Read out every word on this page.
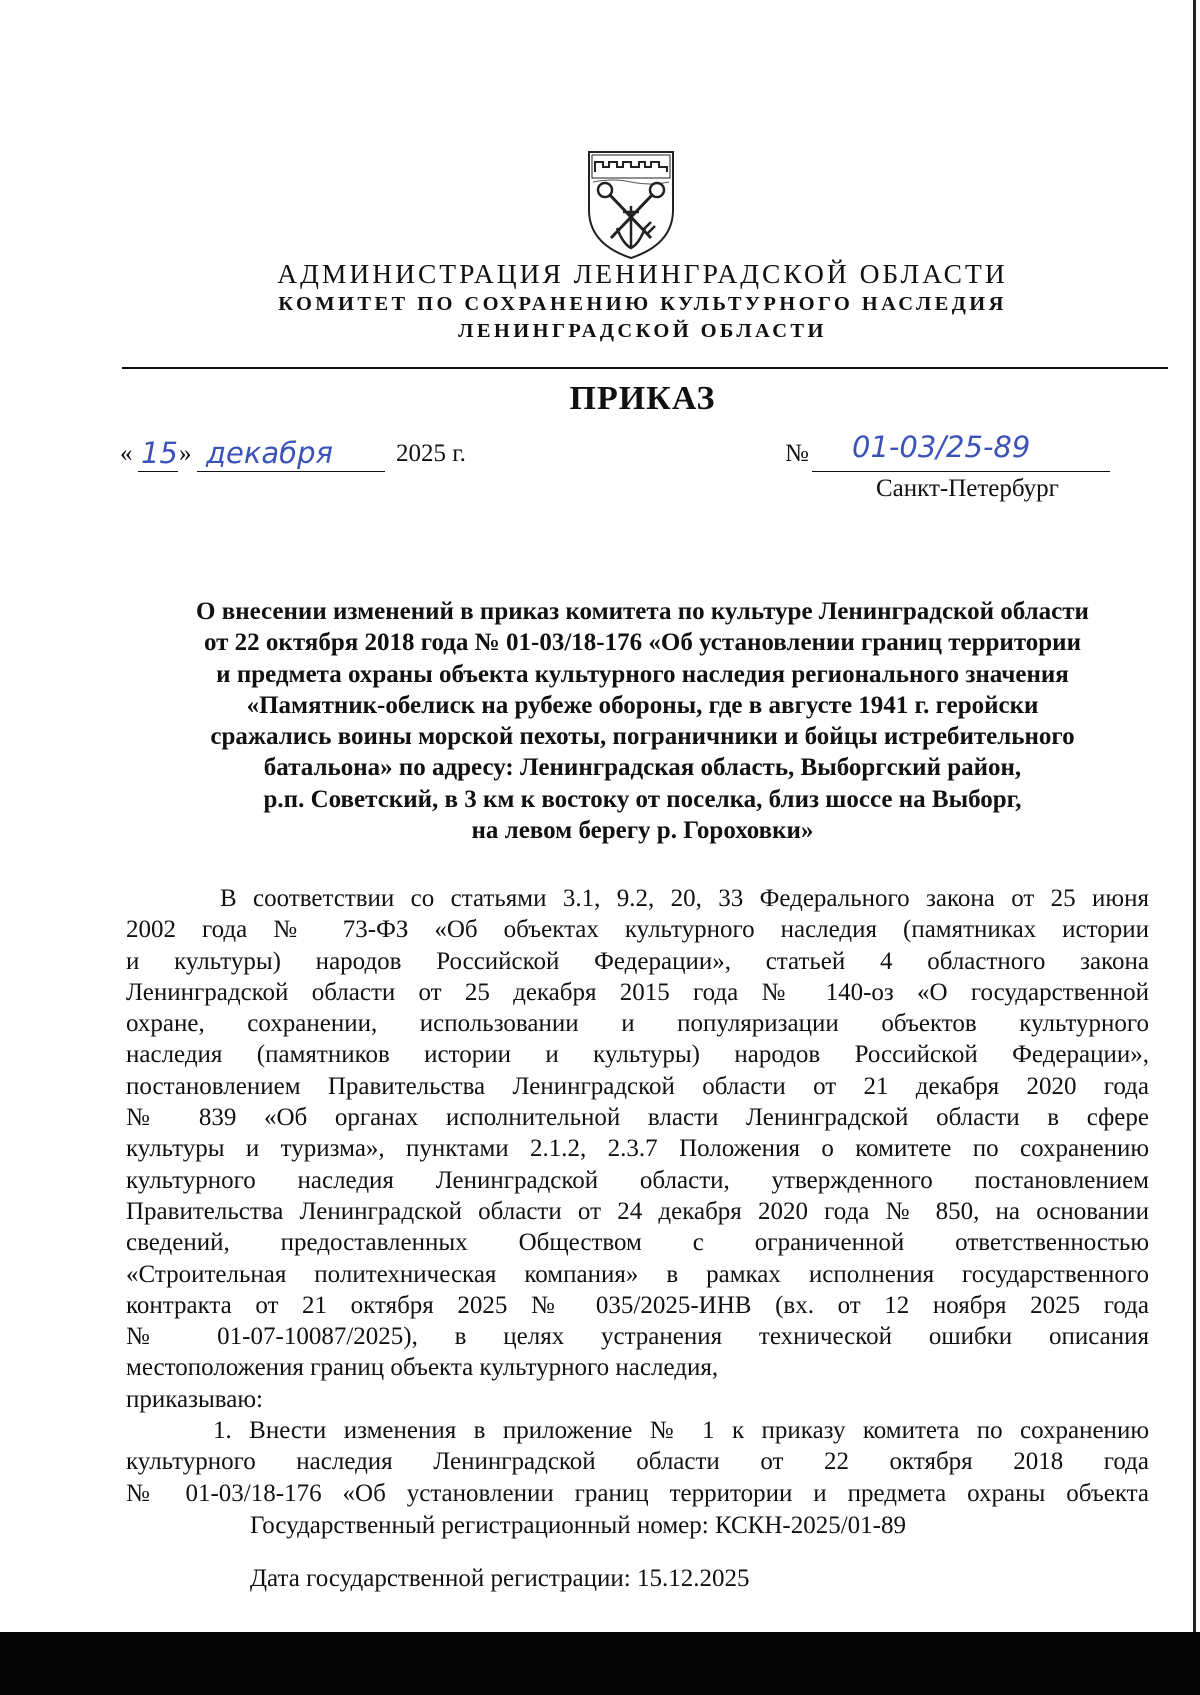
АДМИНИСТРАЦИЯ ЛЕНИНГРАДСКОЙ ОБЛАСТИ
КОМИТЕТ ПО СОХРАНЕНИЮ КУЛЬТУРНОГО НАСЛЕДИЯ
ЛЕНИНГРАДСКОЙ ОБЛАСТИ
ПРИКАЗ
« 15 » декабря	2025 г.	№ 01-03/25-89
Санкт-Петербург
О внесении изменений в приказ комитета по культуре Ленинградской области
от 22 октября 2018 года № 01-03/18-176 «Об установлении границ территории
и предмета охраны объекта культурного наследия регионального значения
«Памятник-обелиск на рубеже обороны, где в августе 1941 г. геройски
сражались воины морской пехоты, пограничники и бойцы истребительного
батальона» по адресу: Ленинградская область, Выборгский район,
р.п. Советский, в 3 км к востоку от поселка, близ шоссе на Выборг,
на левом берегу р. Гороховки»
В соответствии со статьями 3.1, 9.2, 20, 33 Федерального закона от 25 июня
2002 года № 73-ФЗ «Об объектах культурного наследия (памятниках истории
и культуры) народов Российской Федерации», статьей 4 областного закона
Ленинградской области от 25 декабря 2015 года № 140-оз «О государственной
охране, сохранении, использовании и популяризации объектов культурного
наследия (памятников истории и культуры) народов Российской Федерации»,
постановлением Правительства Ленинградской области от 21 декабря 2020 года
№ 839 «Об органах исполнительной власти Ленинградской области в сфере
культуры и туризма», пунктами 2.1.2, 2.3.7 Положения о комитете по сохранению
культурного наследия Ленинградской области, утвержденного постановлением
Правительства Ленинградской области от 24 декабря 2020 года № 850, на основании
сведений, предоставленных Обществом с ограниченной ответственностью
«Строительная политехническая компания» в рамках исполнения государственного
контракта от 21 октября 2025 № 035/2025-ИНВ (вх. от 12 ноября 2025 года
№ 01-07-10087/2025), в целях устранения технической ошибки описания
местоположения границ объекта культурного наследия,
приказываю:
1. Внести изменения в приложение № 1 к приказу комитета по сохранению
культурного наследия Ленинградской области от 22 октября 2018 года
№ 01-03/18-176 «Об установлении границ территории и предмета охраны объекта
Государственный регистрационный номер: КСКН-2025/01-89
Дата государственной регистрации: 15.12.2025
